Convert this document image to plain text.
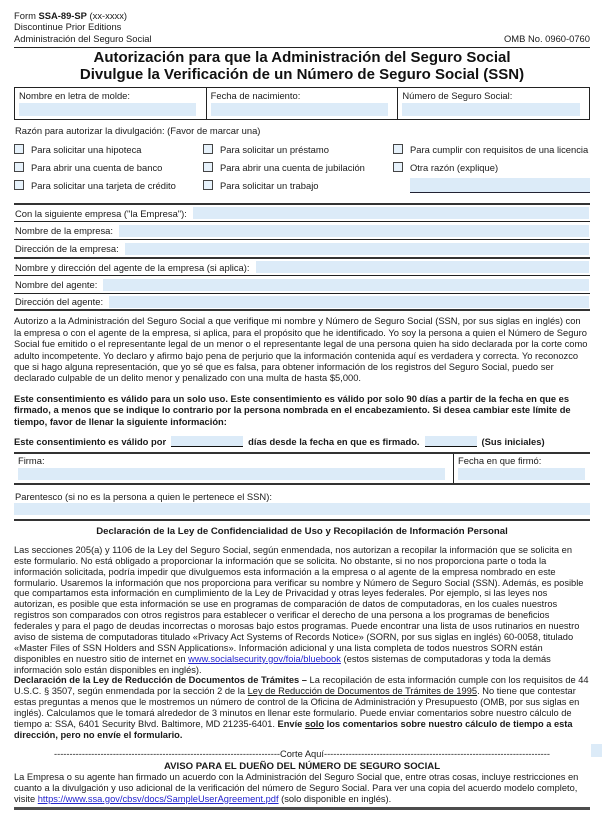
Form SSA-89-SP (xx-xxxx)
Discontinue Prior Editions
Administración del Seguro Social	OMB No. 0960-0760
Autorización para que la Administración del Seguro Social
Divulgue la Verificación de un Número de Seguro Social (SSN)
Nombre en letra de molde:	Fecha de nacimiento:	Número de Seguro Social:
Razón para autorizar la divulgación: (Favor de marcar una)
Para solicitar una hipoteca
Para abrir una cuenta de banco
Para solicitar una tarjeta de crédito
Para solicitar un préstamo
Para abrir una cuenta de jubilación
Para solicitar un trabajo
Para cumplir con requisitos de una licencia
Otra razón (explique)
Con la siguiente empresa ("la Empresa"):
Nombre de la empresa:
Dirección de la empresa:
Nombre y dirección del agente de la empresa (si aplica):
Nombre del agente:
Dirección del agente:
Autorizo a la Administración del Seguro Social a que verifique mi nombre y Número de Seguro Social (SSN, por sus siglas en inglés) con la empresa o con el agente de la empresa, si aplica, para el propósito que he identificado. Yo soy la persona a quien el Número de Seguro Social fue emitido o el representante legal de un menor o el representante legal de una persona quien ha sido declarada por la corte como adulto incompetente. Yo declaro y afirmo bajo pena de perjurio que la información contenida aquí es verdadera y correcta. Yo reconozco que si hago alguna representación, que yo sé que es falsa, para obtener información de los registros del Seguro Social, puedo ser declarado culpable de un delito menor y penalizado con una multa de hasta $5,000.
Este consentimiento es válido para un solo uso. Este consentimiento es válido por solo 90 días a partir de la fecha en que es firmado, a menos que se indique lo contrario por la persona nombrada en el encabezamiento. Si desea cambiar este límite de tiempo, favor de llenar la siguiente información:
Este consentimiento es válido por	días desde la fecha en que es firmado.	(Sus iniciales)
Firma:	Fecha en que firmó:
Parentesco (si no es la persona a quien le pertenece el SSN):
Declaración de la Ley de Confidencialidad de Uso y Recopilación de Información Personal
Las secciones 205(a) y 1106 de la Ley del Seguro Social, según enmendada, nos autorizan a recopilar la información que se solicita en este formulario. No está obligado a proporcionar la información que se solicita. No obstante, si no nos proporciona parte o toda la información solicitada, podría impedir que divulguemos esta información a la empresa o al agente de la empresa nombrado en este formulario. Usaremos la información que nos proporciona para verificar su nombre y Número de Seguro Social (SSN). Además, es posible que compartamos esta información en cumplimiento de la Ley de Privacidad y otras leyes federales. Por ejemplo, si las leyes nos autorizan, es posible que esta información se use en programas de comparación de datos de computadoras, en los cuales nuestros registros son comparados con otros registros para establecer o verificar el derecho de una persona a los programas de beneficios federales y para el pago de deudas incorrectas o morosas bajo estos programas. Puede encontrar una lista de usos rutinarios en nuestro aviso de sistema de computadoras titulado «Privacy Act Systems of Records Notice» (SORN, por sus siglas en inglés) 60-0058, titulado «Master Files of SSN Holders and SSN Applications». Información adicional y una lista completa de todos nuestros SORN están disponibles en nuestro sitio de internet en www.socialsecurity.gov/foia/bluebook (estos sistemas de computadoras y toda la demás información solo están disponibles en inglés).
Declaración de la Ley de Reducción de Documentos de Trámites – La recopilación de esta información cumple con los requisitos de 44 U.S.C. § 3507, según enmendada por la sección 2 de la Ley de Reducción de Documentos de Trámites de 1995. No tiene que contestar estas preguntas a menos que le mostremos un número de control de la Oficina de Administración y Presupuesto (OMB, por sus siglas en inglés). Calculamos que le tomará alrededor de 3 minutos en llenar este formulario. Puede enviar comentarios sobre nuestro cálculo de tiempo a: SSA, 6401 Security Blvd. Baltimore, MD 21235-6401. Envíe solo los comentarios sobre nuestro cálculo de tiempo a esta dirección, pero no envíe el formulario.
-------------------------------------------------------------------------Corte Aquí-------------------------------------------------------------------------
AVISO PARA EL DUEÑO DEL NÚMERO DE SEGURO SOCIAL
La Empresa o su agente han firmado un acuerdo con la Administración del Seguro Social que, entre otras cosas, incluye restricciones en cuanto a la divulgación y uso adicional de la verificación del número de Seguro Social. Para ver una copia del acuerdo modelo completo, visite https://www.ssa.gov/cbsv/docs/SampleUserAgreement.pdf (solo disponible en inglés).
